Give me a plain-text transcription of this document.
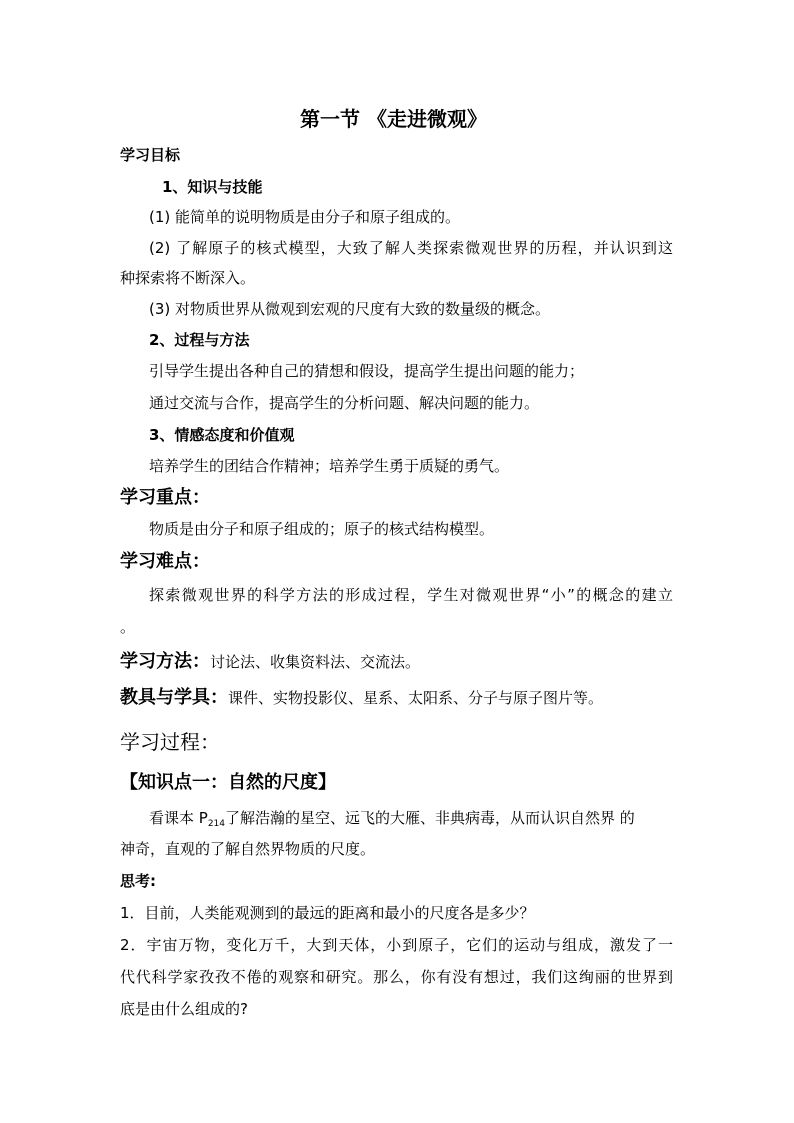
第一节 《走进微观》
学习目标
1、知识与技能
(1) 能简单的说明物质是由分子和原子组成的。
(2) 了解原子的核式模型，大致了解人类探索微观世界的历程，并认识到这
种探索将不断深入。
(3) 对物质世界从微观到宏观的尺度有大致的数量级的概念。
2、过程与方法
引导学生提出各种自己的猜想和假设，提高学生提出问题的能力；
通过交流与合作，提高学生的分析问题、解决问题的能力。
3、情感态度和价值观
培养学生的团结合作精神；培养学生勇于质疑的勇气。
学习重点：
物质是由分子和原子组成的；原子的核式结构模型。
学习难点：
探索微观世界的科学方法的形成过程，学生对微观世界“小”的概念的建立
。
学习方法：讨论法、收集资料法、交流法。
教具与学具：课件、实物投影仪、星系、太阳系、分子与原子图片等。
学习过程：
【知识点一：自然的尺度】
看课本 $P_{214}$了解浩瀚的星空、远飞的大雁、非典病毒，从而认识自然界 的
神奇，直观的了解自然界物质的尺度。
思考:
1．目前，人类能观测到的最远的距离和最小的尺度各是多少？
2．宇宙万物，变化万千，大到天体，小到原子，它们的运动与组成，激发了一
代代科学家孜孜不倦的观察和研究。那么，你有没有想过，我们这绚丽的世界到
底是由什么组成的?
